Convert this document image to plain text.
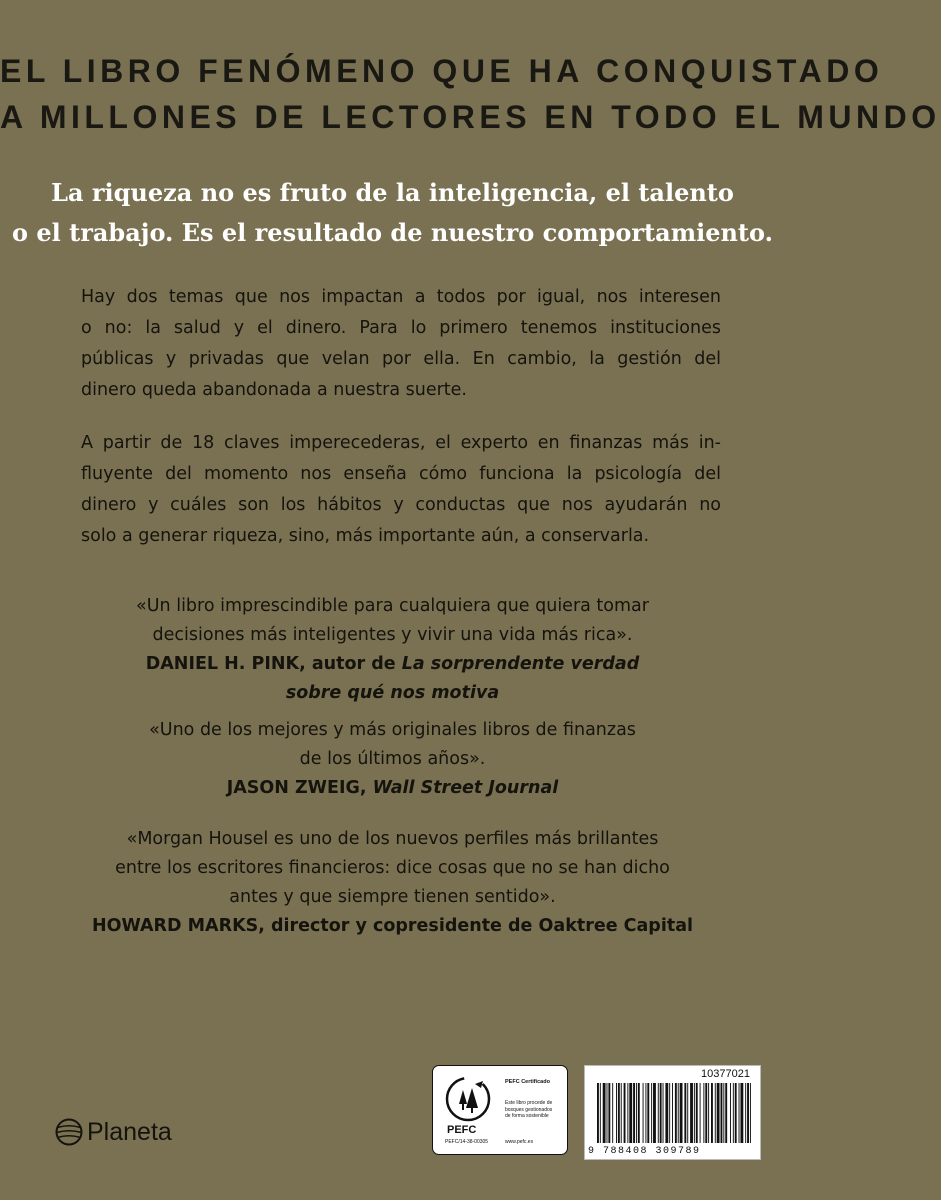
EL LIBRO FENÓMENO QUE HA CONQUISTADO
A MILLONES DE LECTORES EN TODO EL MUNDO
La riqueza no es fruto de la inteligencia, el talento
o el trabajo. Es el resultado de nuestro comportamiento.
Hay dos temas que nos impactan a todos por igual, nos interesen
o no: la salud y el dinero. Para lo primero tenemos instituciones
públicas y privadas que velan por ella. En cambio, la gestión del
dinero queda abandonada a nuestra suerte.
A partir de 18 claves imperecederas, el experto en finanzas más in-
fluyente del momento nos enseña cómo funciona la psicología del
dinero y cuáles son los hábitos y conductas que nos ayudarán no
solo a generar riqueza, sino, más importante aún, a conservarla.
«Un libro imprescindible para cualquiera que quiera tomar
decisiones más inteligentes y vivir una vida más rica».
DANIEL H. PINK, autor de La sorprendente verdad
sobre qué nos motiva
«Uno de los mejores y más originales libros de finanzas
de los últimos años».
JASON ZWEIG, Wall Street Journal
«Morgan Housel es uno de los nuevos perfiles más brillantes
entre los escritores financieros: dice cosas que no se han dicho
antes y que siempre tienen sentido».
HOWARD MARKS, director y copresidente de Oaktree Capital
Planeta	PEFC
PEFC/14-38-00305
PEFC Certificado
Este libro procede de
bosques gestionados
de forma sostenible
www.pefc.es
10377021
9 788408 309789
